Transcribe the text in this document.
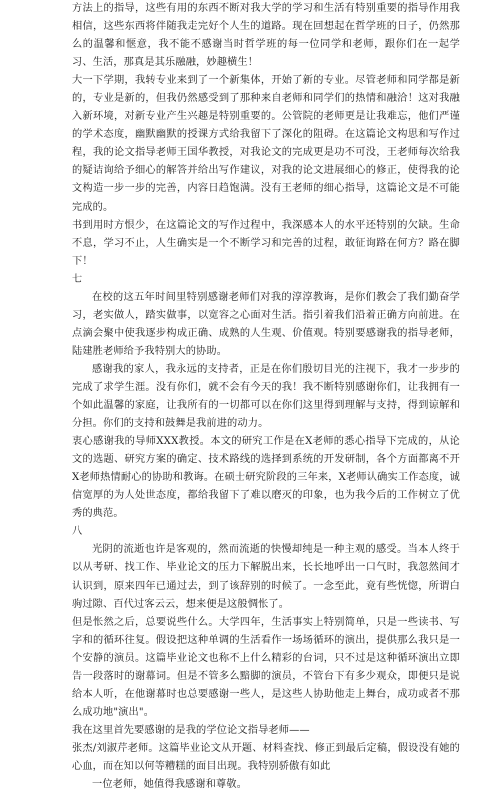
方法上的指导，这些有用的东西不断对我大学的学习和生活有特别重要的指导作用我相信，这些东西将伴随我走完好个人生的道路。现在回想起在哲学班的日子，仍然那么的温馨和惬意，我不能不感谢当时哲学班的每一位同学和老师，跟你们在一起学习、生活，那真是其乐融融，妙趣横生！

大一下学期，我转专业来到了一个新集体，开始了新的专业。尽管老师和同学都是新的，专业是新的，但我仍然感受到了那种来自老师和同学们的热情和融洽！这对我融入新环境，对新专业产生兴趣是特别重要的。公管院的老师更是让我难忘，他们严谨的学术态度，幽默幽默的授课方式给我留下了深化的阻碍。在这篇论文构思和写作过程，我的论文指导老师王国华教授，对我论文的完成更是功不可没，王老师每次给我的疑诘询给予细心的解答并给出写作建议，对我的论文进展细心的修正，使得我的论文构造一步一步的完善，内容日趋饱满。没有王老师的细心指导，这篇论文是不可能完成的。

书到用时方恨少，在这篇论文的写作过程中，我深感本人的水平还特别的欠缺。生命不息，学习不止，人生确实是一个不断学习和完善的过程，敢征询路在何方？路在脚下！

七

在校的这五年时间里特别感谢老师们对我的淳淳教诲，是你们教会了我们勤奋学习，老实做人，踏实做事，以宽容之心面对生活。指引着我们沿着正确方向前进。在点滴会聚中使我逐步构成正确、成熟的人生观、价值观。特别要感谢我的指导老师，陆建胜老师给予我特别大的协助。

感谢我的家人，我永远的支持者，正是在你们殷切目光的注视下，我才一步步的完成了求学生涯。没有你们，就不会有今天的我！我不断特别感谢你们，让我拥有一个如此温馨的家庭，让我所有的一切都可以在你们这里得到理解与支持，得到谅解和分担。你们的支持和鼓舞是我前进的动力。

衷心感谢我的导师XXX教授。本文的研究工作是在X老师的悉心指导下完成的，从论文的选题、研究方案的确定、技术路线的选择到系统的开发研制，各个方面都离不开X老师热情耐心的协助和教诲。在硕士研究阶段的三年来，X老师认确实工作态度，诚信宽厚的为人处世态度，都给我留下了难以磨灭的印象，也为我今后的工作树立了优秀的典范。

八

光阴的流逝也许是客观的，然而流逝的快慢却纯是一种主观的感受。当本人终于以从考研、找工作、毕业论文的压力下解脱出来，长长地呼出一口气时，我忽然间才认识到，原来四年已通过去，到了该辞别的时候了。一念至此，竟有些恍惚，所谓白驹过隙、百代过客云云，想来便是这般惆怅了。

但是怅然之后，总要说些什么。大学四年，生活事实上特别简单，只是一些读书、写字和的循环往复。假设把这种单调的生活看作一场场循环的演出，提供那么我只是一个安静的演员。这篇毕业论文也称不上什么精彩的台词，只不过是这种循环演出立即告一段落时的谢幕词。但是不管多么黯脚的演员，不管台下有多少观众，即便只是说给本人听，在他谢幕时也总要感谢一些人，是这些人协助他走上舞台，成功或者不那么成功地"演出"。

我在这里首先要感谢的是我的学位论文指导老师——

张杰/刘淑芹老师。这篇毕业论文从开题、材料查找、修正到最后定稿，假设没有她的心血，而在知以何等糟糕的面目出现。我特别骄傲有如此

一位老师，她值得我感谢和尊敬。
